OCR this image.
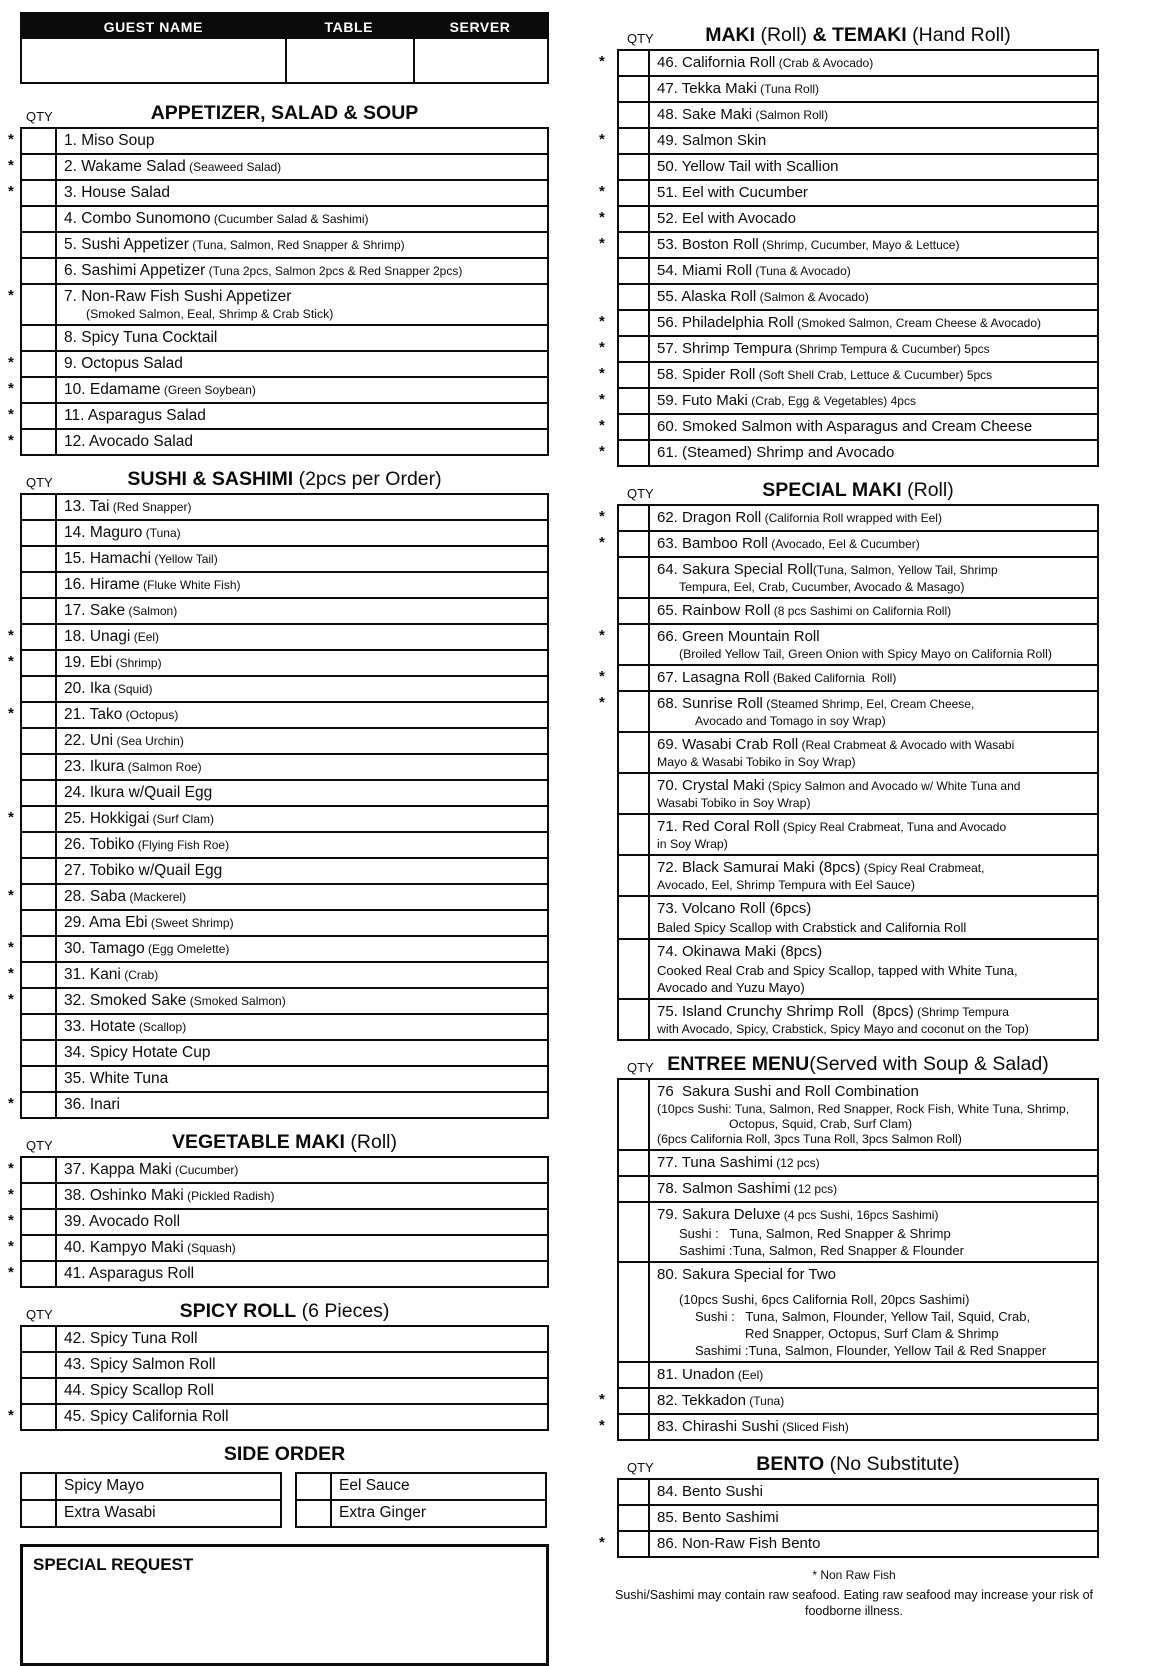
GUEST NAME	TABLE	SERVER
QTY	APPETIZER, SALAD & SOUP
*	1. Miso Soup
*	2. Wakame Salad (Seaweed Salad)
*	3. House Salad
4. Combo Sunomono (Cucumber Salad & Sashimi)
5. Sushi Appetizer (Tuna, Salmon, Red Snapper & Shrimp)
6. Sashimi Appetizer (Tuna 2pcs, Salmon 2pcs & Red Snapper 2pcs)
*	7. Non-Raw Fish Sushi Appetizer
(Smoked Salmon, Eeal, Shrimp & Crab Stick)
8. Spicy Tuna Cocktail
*	9. Octopus Salad
*	10. Edamame (Green Soybean)
*	11. Asparagus Salad
*	12. Avocado Salad
QTY	SUSHI & SASHIMI (2pcs per Order)
13. Tai (Red Snapper)
14. Maguro (Tuna)
15. Hamachi (Yellow Tail)
16. Hirame (Fluke White Fish)
17. Sake (Salmon)
*	18. Unagi (Eel)
*	19. Ebi (Shrimp)
20. Ika (Squid)
*	21. Tako (Octopus)
22. Uni (Sea Urchin)
23. Ikura (Salmon Roe)
24. Ikura w/Quail Egg
*	25. Hokkigai (Surf Clam)
26. Tobiko (Flying Fish Roe)
27. Tobiko w/Quail Egg
*	28. Saba (Mackerel)
29. Ama Ebi (Sweet Shrimp)
*	30. Tamago (Egg Omelette)
*	31. Kani (Crab)
*	32. Smoked Sake (Smoked Salmon)
33. Hotate (Scallop)
34. Spicy Hotate Cup
35. White Tuna
*	36. Inari
QTY	VEGETABLE MAKI (Roll)
*	37. Kappa Maki (Cucumber)
*	38. Oshinko Maki (Pickled Radish)
*	39. Avocado Roll
*	40. Kampyo Maki (Squash)
*	41. Asparagus Roll
QTY	SPICY ROLL (6 Pieces)
42. Spicy Tuna Roll
43. Spicy Salmon Roll
44. Spicy Scallop Roll
*	45. Spicy California Roll
SIDE ORDER
Spicy Mayo
Extra Wasabi
Eel Sauce
Extra Ginger
SPECIAL REQUEST
QTY	MAKI (Roll) & TEMAKI (Hand Roll)
*	46. California Roll (Crab & Avocado)
47. Tekka Maki (Tuna Roll)
48. Sake Maki (Salmon Roll)
*	49. Salmon Skin
50. Yellow Tail with Scallion
*	51. Eel with Cucumber
*	52. Eel with Avocado
*	53. Boston Roll (Shrimp, Cucumber, Mayo & Lettuce)
54. Miami Roll (Tuna & Avocado)
55. Alaska Roll (Salmon & Avocado)
*	56. Philadelphia Roll (Smoked Salmon, Cream Cheese & Avocado)
*	57. Shrimp Tempura (Shrimp Tempura & Cucumber) 5pcs
*	58. Spider Roll (Soft Shell Crab, Lettuce & Cucumber) 5pcs
*	59. Futo Maki (Crab, Egg & Vegetables) 4pcs
*	60. Smoked Salmon with Asparagus and Cream Cheese
*	61. (Steamed) Shrimp and Avocado
QTY	SPECIAL MAKI (Roll)
*	62. Dragon Roll (California Roll wrapped with Eel)
*	63. Bamboo Roll (Avocado, Eel & Cucumber)
64. Sakura Special Roll(Tuna, Salmon, Yellow Tail, Shrimp
Tempura, Eel, Crab, Cucumber, Avocado & Masago)
65. Rainbow Roll (8 pcs Sashimi on California Roll)
*	66. Green Mountain Roll
(Broiled Yellow Tail, Green Onion with Spicy Mayo on California Roll)
*	67. Lasagna Roll (Baked California  Roll)
*	68. Sunrise Roll (Steamed Shrimp, Eel, Cream Cheese,
Avocado and Tomago in soy Wrap)
69. Wasabi Crab Roll (Real Crabmeat & Avocado with Wasabi
Mayo & Wasabi Tobiko in Soy Wrap)
70. Crystal Maki (Spicy Salmon and Avocado w/ White Tuna and
Wasabi Tobiko in Soy Wrap)
71. Red Coral Roll (Spicy Real Crabmeat, Tuna and Avocado
in Soy Wrap)
72. Black Samurai Maki (8pcs) (Spicy Real Crabmeat,
Avocado, Eel, Shrimp Tempura with Eel Sauce)
73. Volcano Roll (6pcs)
Baled Spicy Scallop with Crabstick and California Roll
74. Okinawa Maki (8pcs)
Cooked Real Crab and Spicy Scallop, tapped with White Tuna,
Avocado and Yuzu Mayo)
75. Island Crunchy Shrimp Roll  (8pcs) (Shrimp Tempura
with Avocado, Spicy, Crabstick, Spicy Mayo and coconut on the Top)
QTY ENTREE MENU(Served with Soup & Salad)
76  Sakura Sushi and Roll Combination
(10pcs Sushi: Tuna, Salmon, Red Snapper, Rock Fish, White Tuna, Shrimp,
Octopus, Squid, Crab, Surf Clam)
(6pcs California Roll, 3pcs Tuna Roll, 3pcs Salmon Roll)
77. Tuna Sashimi (12 pcs)
78. Salmon Sashimi (12 pcs)
79. Sakura Deluxe (4 pcs Sushi, 16pcs Sashimi)
Sushi :   Tuna, Salmon, Red Snapper & Shrimp
Sashimi :Tuna, Salmon, Red Snapper & Flounder
80. Sakura Special for Two
(10pcs Sushi, 6pcs California Roll, 20pcs Sashimi)
Sushi :   Tuna, Salmon, Flounder, Yellow Tail, Squid, Crab,
Red Snapper, Octopus, Surf Clam & Shrimp
Sashimi :Tuna, Salmon, Flounder, Yellow Tail & Red Snapper
81. Unadon (Eel)
*	82. Tekkadon (Tuna)
*	83. Chirashi Sushi (Sliced Fish)
QTY	BENTO (No Substitute)
84. Bento Sushi
85. Bento Sashimi
*	86. Non-Raw Fish Bento
* Non Raw Fish
Sushi/Sashimi may contain raw seafood. Eating raw seafood may increase your risk of foodborne illness.
